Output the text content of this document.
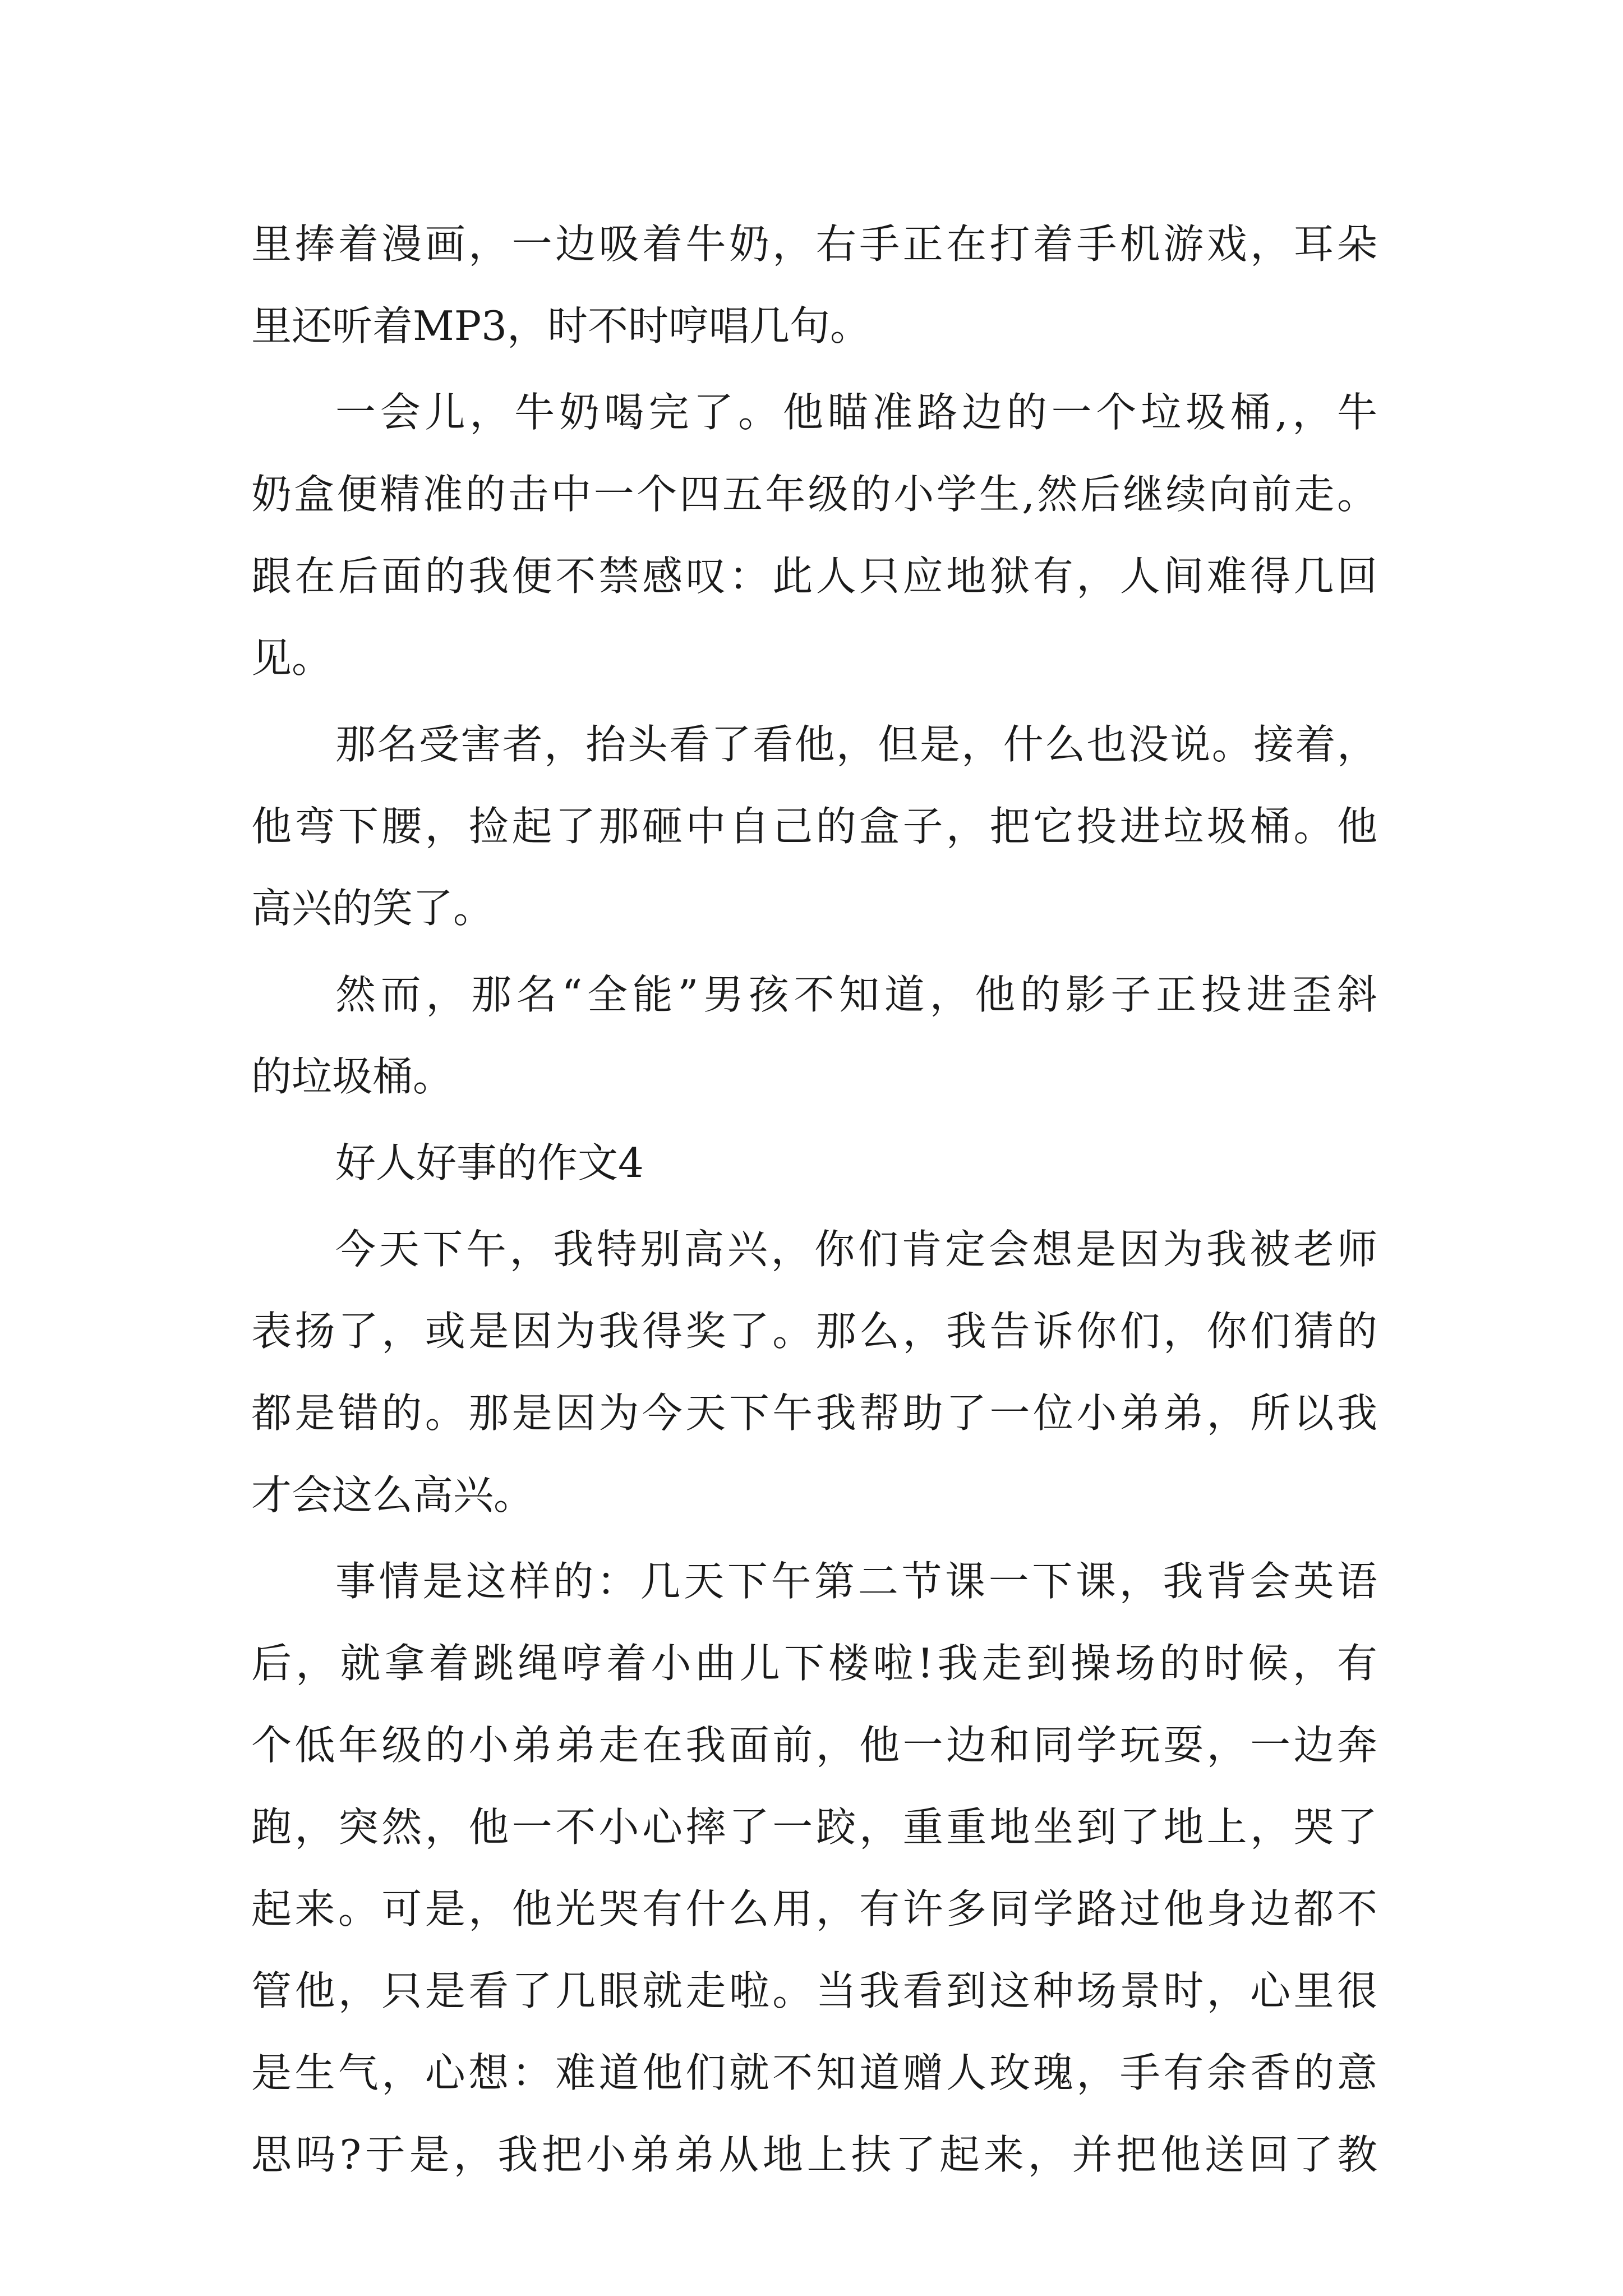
里捧着漫画，一边吸着牛奶，右手正在打着手机游戏，耳朵
里还听着MP3，时不时哼唱几句。
一会儿，牛奶喝完了。他瞄准路边的一个垃圾桶,，牛
奶盒便精准的击中一个四五年级的小学生,然后继续向前走。
跟在后面的我便不禁感叹：此人只应地狱有，人间难得几回
见。
那名受害者，抬头看了看他，但是，什么也没说。接着，
他弯下腰，捡起了那砸中自己的盒子，把它投进垃圾桶。他
高兴的笑了。
然而，那名“全能”男孩不知道，他的影子正投进歪斜
的垃圾桶。
好人好事的作文4
今天下午，我特别高兴，你们肯定会想是因为我被老师
表扬了，或是因为我得奖了。那么，我告诉你们，你们猜的
都是错的。那是因为今天下午我帮助了一位小弟弟，所以我
才会这么高兴。
事情是这样的：几天下午第二节课一下课，我背会英语
后，就拿着跳绳哼着小曲儿下楼啦!我走到操场的时候，有
个低年级的小弟弟走在我面前，他一边和同学玩耍，一边奔
跑，突然，他一不小心摔了一跤，重重地坐到了地上，哭了
起来。可是，他光哭有什么用，有许多同学路过他身边都不
管他，只是看了几眼就走啦。当我看到这种场景时，心里很
是生气，心想：难道他们就不知道赠人玫瑰，手有余香的意
思吗?于是，我把小弟弟从地上扶了起来，并把他送回了教
